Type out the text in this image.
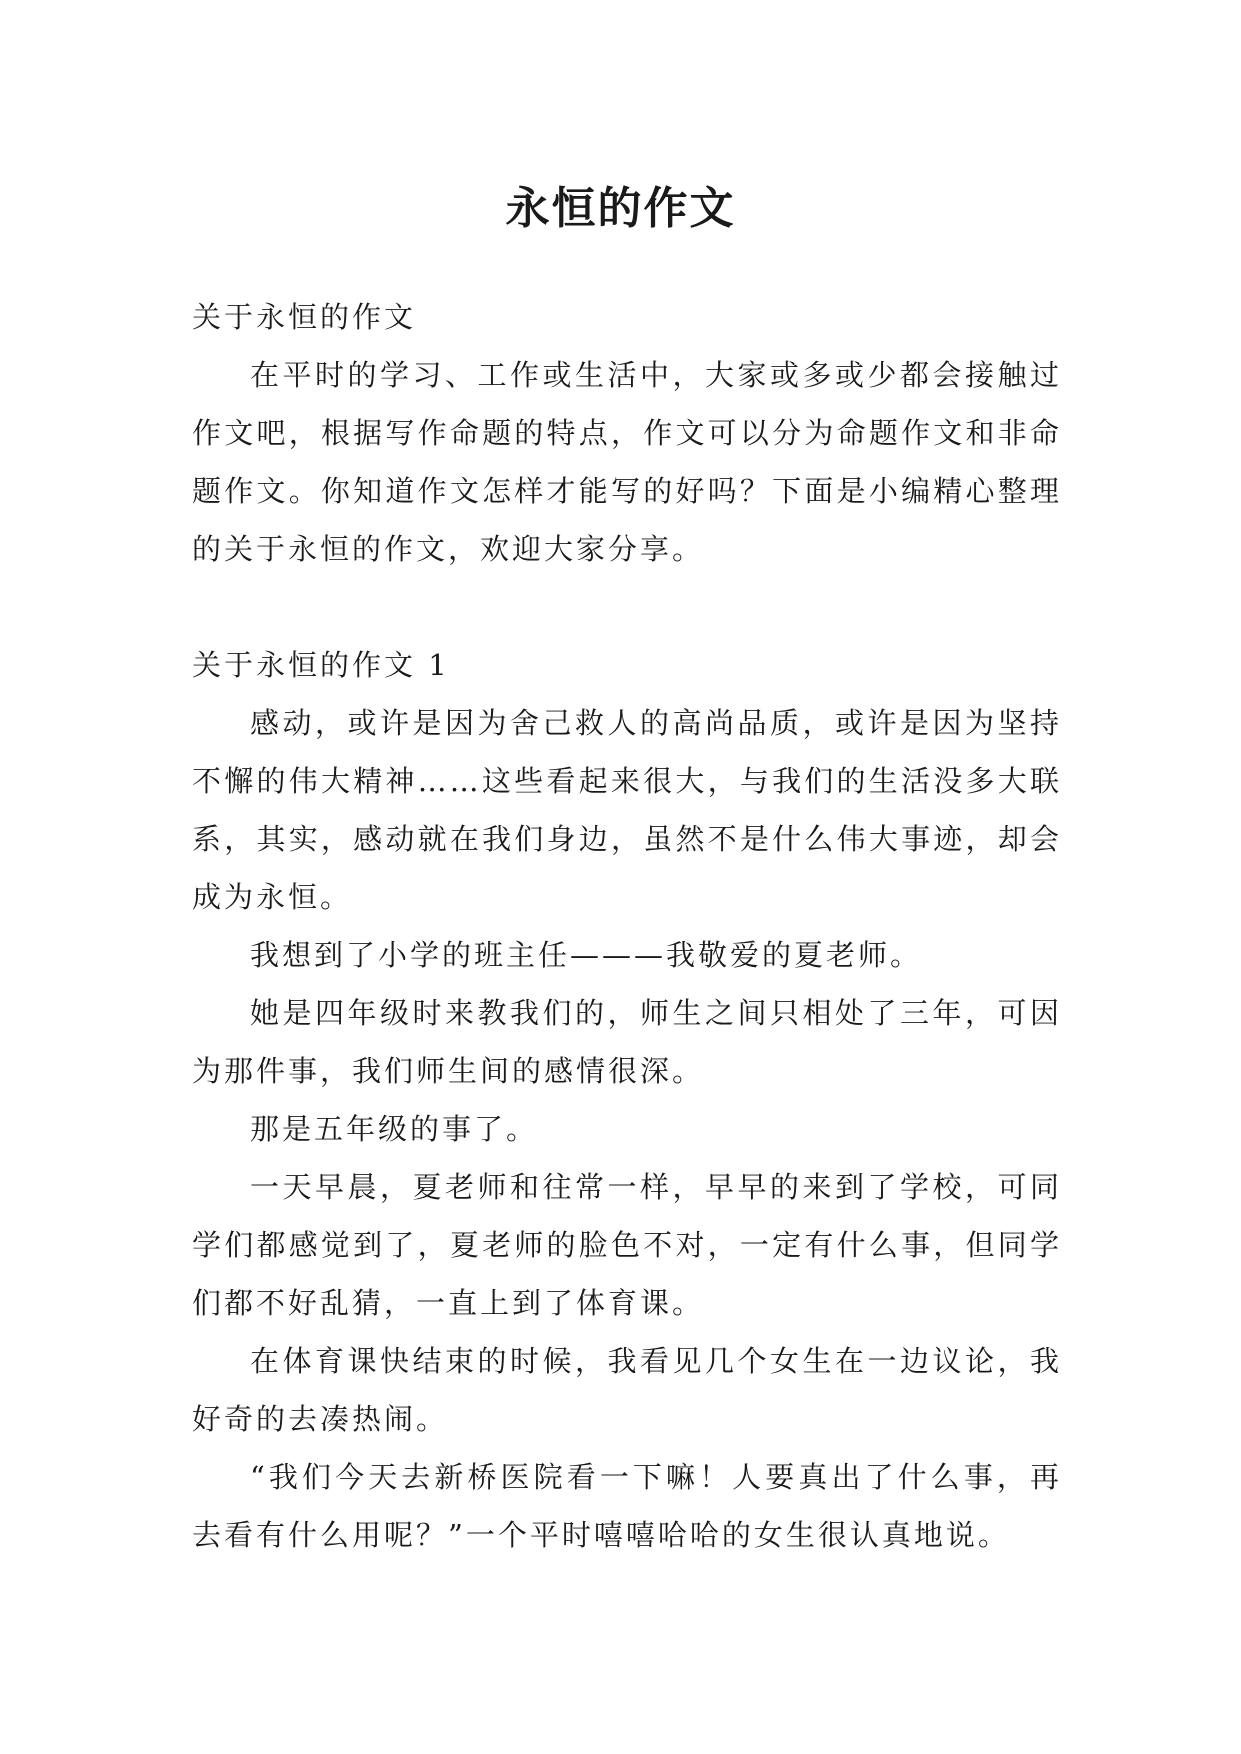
永恒的作文

关于永恒的作文

在平时的学习、工作或生活中，大家或多或少都会接触过作文吧，根据写作命题的特点，作文可以分为命题作文和非命题作文。你知道作文怎样才能写的好吗？下面是小编精心整理的关于永恒的作文，欢迎大家分享。

关于永恒的作文 1

感动，或许是因为舍己救人的高尚品质，或许是因为坚持不懈的伟大精神……这些看起来很大，与我们的生活没多大联系，其实，感动就在我们身边，虽然不是什么伟大事迹，却会成为永恒。

我想到了小学的班主任———我敬爱的夏老师。

她是四年级时来教我们的，师生之间只相处了三年，可因为那件事，我们师生间的感情很深。

那是五年级的事了。

一天早晨，夏老师和往常一样，早早的来到了学校，可同学们都感觉到了，夏老师的脸色不对，一定有什么事，但同学们都不好乱猜，一直上到了体育课。

在体育课快结束的时候，我看见几个女生在一边议论，我好奇的去凑热闹。

“我们今天去新桥医院看一下嘛！人要真出了什么事，再去看有什么用呢？”一个平时嘻嘻哈哈的女生很认真地说。
